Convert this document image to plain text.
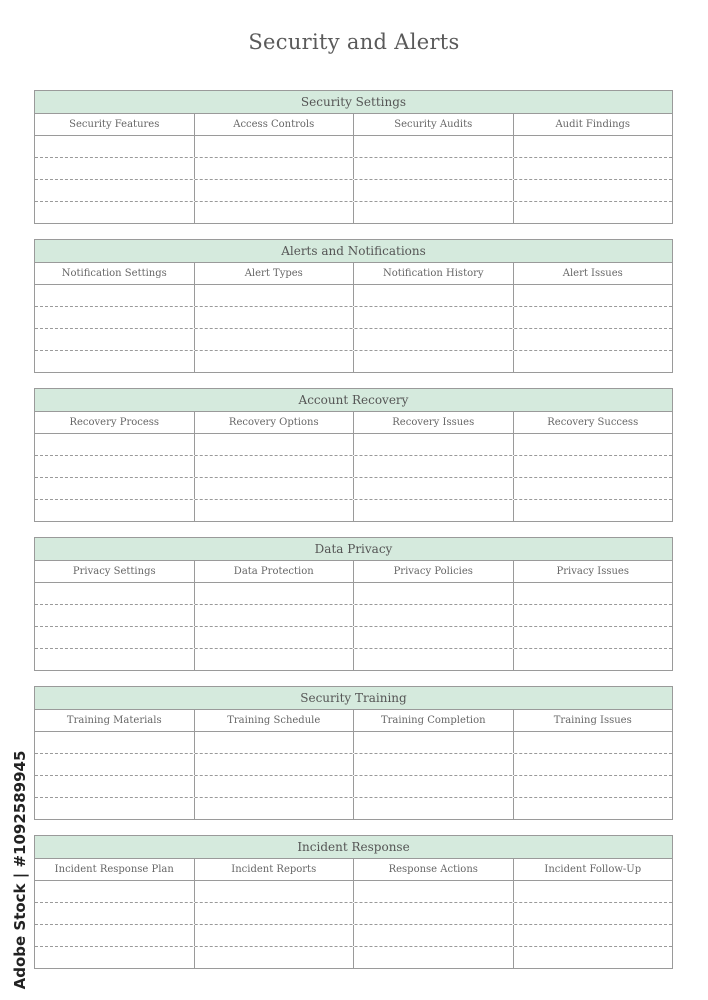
Security and Alerts
Security Settings
Security Features	Access Controls	Security Audits	Audit Findings
Alerts and Notifications
Notification Settings	Alert Types	Notification History	Alert Issues
Account Recovery
Recovery Process	Recovery Options	Recovery Issues	Recovery Success
Data Privacy
Privacy Settings	Data Protection	Privacy Policies	Privacy Issues
Security Training
Training Materials	Training Schedule	Training Completion	Training Issues
Incident Response
Incident Response Plan	Incident Reports	Response Actions	Incident Follow-Up
Adobe Stock | #1092589945
